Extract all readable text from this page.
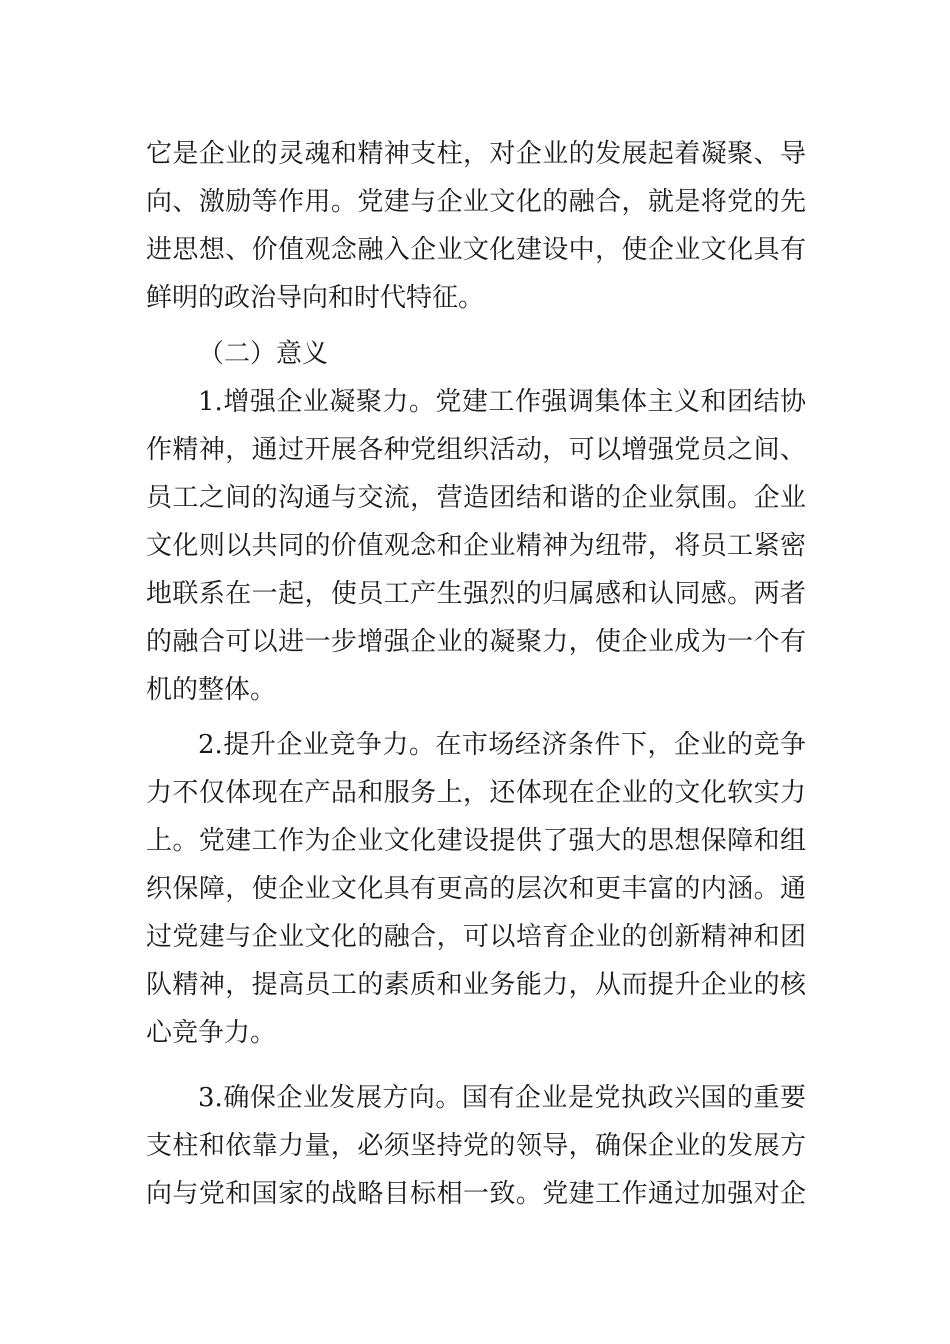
它是企业的灵魂和精神支柱，对企业的发展起着凝聚、导
向、激励等作用。党建与企业文化的融合，就是将党的先
进思想、价值观念融入企业文化建设中，使企业文化具有
鲜明的政治导向和时代特征。
（二）意义
1.增强企业凝聚力。党建工作强调集体主义和团结协
作精神，通过开展各种党组织活动，可以增强党员之间、
员工之间的沟通与交流，营造团结和谐的企业氛围。企业
文化则以共同的价值观念和企业精神为纽带，将员工紧密
地联系在一起，使员工产生强烈的归属感和认同感。两者
的融合可以进一步增强企业的凝聚力，使企业成为一个有
机的整体。
2.提升企业竞争力。在市场经济条件下，企业的竞争
力不仅体现在产品和服务上，还体现在企业的文化软实力
上。党建工作为企业文化建设提供了强大的思想保障和组
织保障，使企业文化具有更高的层次和更丰富的内涵。通
过党建与企业文化的融合，可以培育企业的创新精神和团
队精神，提高员工的素质和业务能力，从而提升企业的核
心竞争力。
3.确保企业发展方向。国有企业是党执政兴国的重要
支柱和依靠力量，必须坚持党的领导，确保企业的发展方
向与党和国家的战略目标相一致。党建工作通过加强对企
